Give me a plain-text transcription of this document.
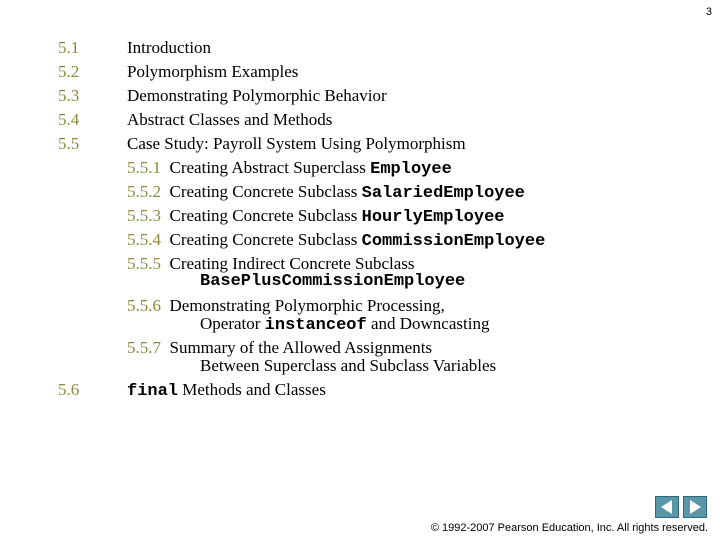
3
5.1	Introduction
5.2	Polymorphism Examples
5.3	Demonstrating Polymorphic Behavior
5.4	Abstract Classes and Methods
5.5	Case Study: Payroll System Using Polymorphism
5.5.1 Creating Abstract Superclass Employee
5.5.2 Creating Concrete Subclass SalariedEmployee
5.5.3 Creating Concrete Subclass HourlyEmployee
5.5.4 Creating Concrete Subclass CommissionEmployee
5.5.5 Creating Indirect Concrete Subclass
BasePlusCommissionEmployee
5.5.6 Demonstrating Polymorphic Processing,
Operator instanceof and Downcasting
5.5.7 Summary of the Allowed Assignments
Between Superclass and Subclass Variables
5.6	final Methods and Classes
© 1992-2007 Pearson Education, Inc. All rights reserved.
